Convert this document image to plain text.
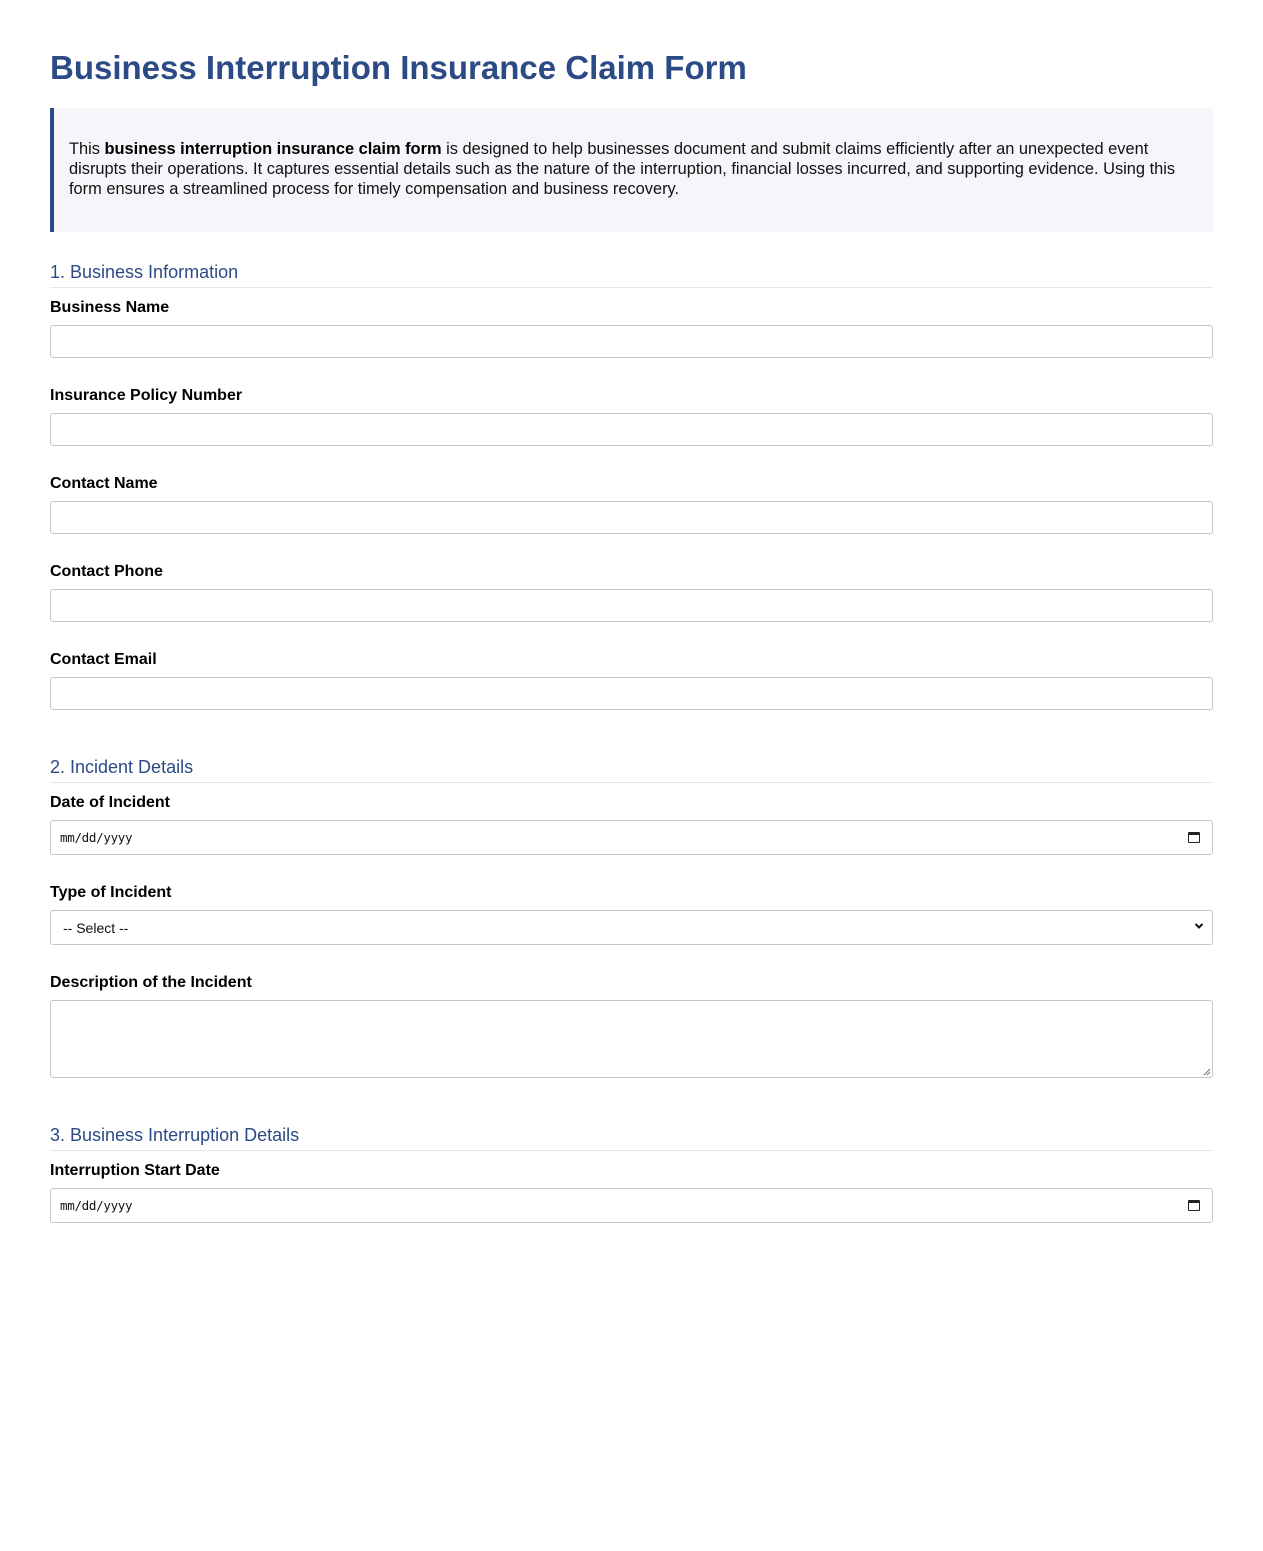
Business Interruption Insurance Claim Form
This business interruption insurance claim form is designed to help businesses document and submit claims efficiently after an unexpected event disrupts their operations. It captures essential details such as the nature of the interruption, financial losses incurred, and supporting evidence. Using this form ensures a streamlined process for timely compensation and business recovery.
1. Business Information
Business Name
Insurance Policy Number
Contact Name
Contact Phone
Contact Email
2. Incident Details
Date of Incident
mm/dd/yyyy
Type of Incident
-- Select --
Description of the Incident
3. Business Interruption Details
Interruption Start Date
mm/dd/yyyy
